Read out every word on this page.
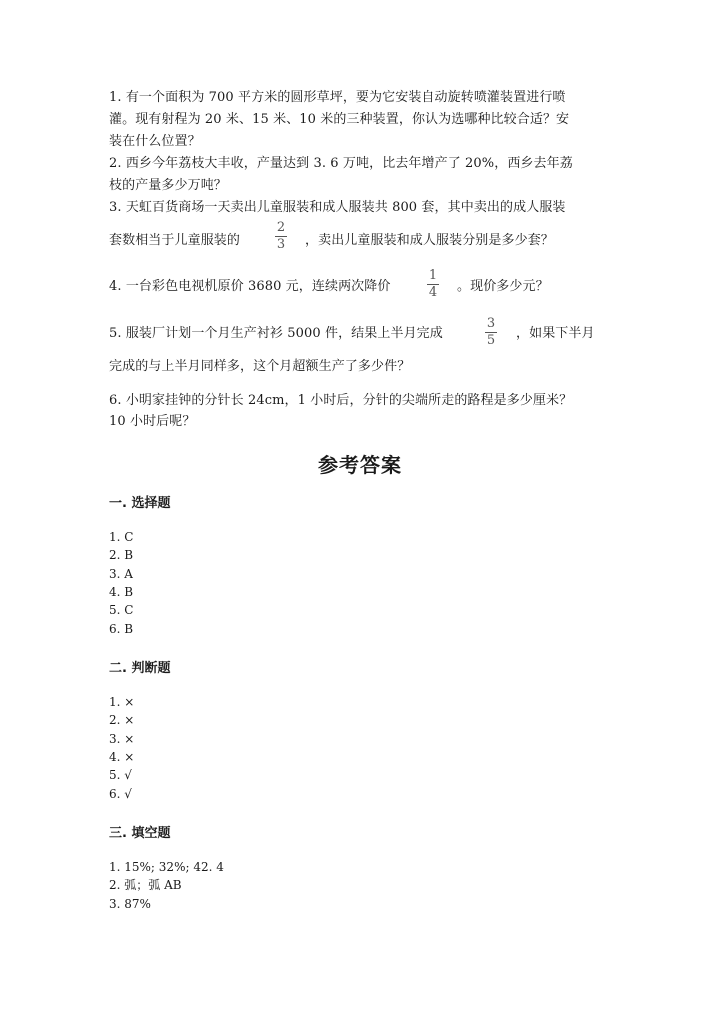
1. 有一个面积为 700 平方米的圆形草坪，要为它安装自动旋转喷灌装置进行喷
灌。现有射程为 20 米、15 米、10 米的三种装置，你认为选哪种比较合适？安
装在什么位置？
2. 西乡今年荔枝大丰收，产量达到 3. 6 万吨，比去年增产了 20%，西乡去年荔
枝的产量多少万吨？
3. 天虹百货商场一天卖出儿童服装和成人服装共 800 套，其中卖出的成人服装
套数相当于儿童服装的
2
3 ，卖出儿童服装和成人服装分别是多少套？
4. 一台彩色电视机原价 3680 元，连续两次降价
1
4 。现价多少元？
5. 服装厂计划一个月生产衬衫 5000 件，结果上半月完成
3
5 ，如果下半月
完成的与上半月同样多，这个月超额生产了多少件？
6. 小明家挂钟的分针长 24cm，1 小时后，分针的尖端所走的路程是多少厘米？
10 小时后呢？
参考答案
一. 选择题
1. C
2. B
3. A
4. B
5. C
6. B
二. 判断题
1. ×
2. ×
3. ×
4. ×
5. √
6. √
三. 填空题
1. 15%; 32%; 42. 4
2. 弧；弧 AB
3. 87%
